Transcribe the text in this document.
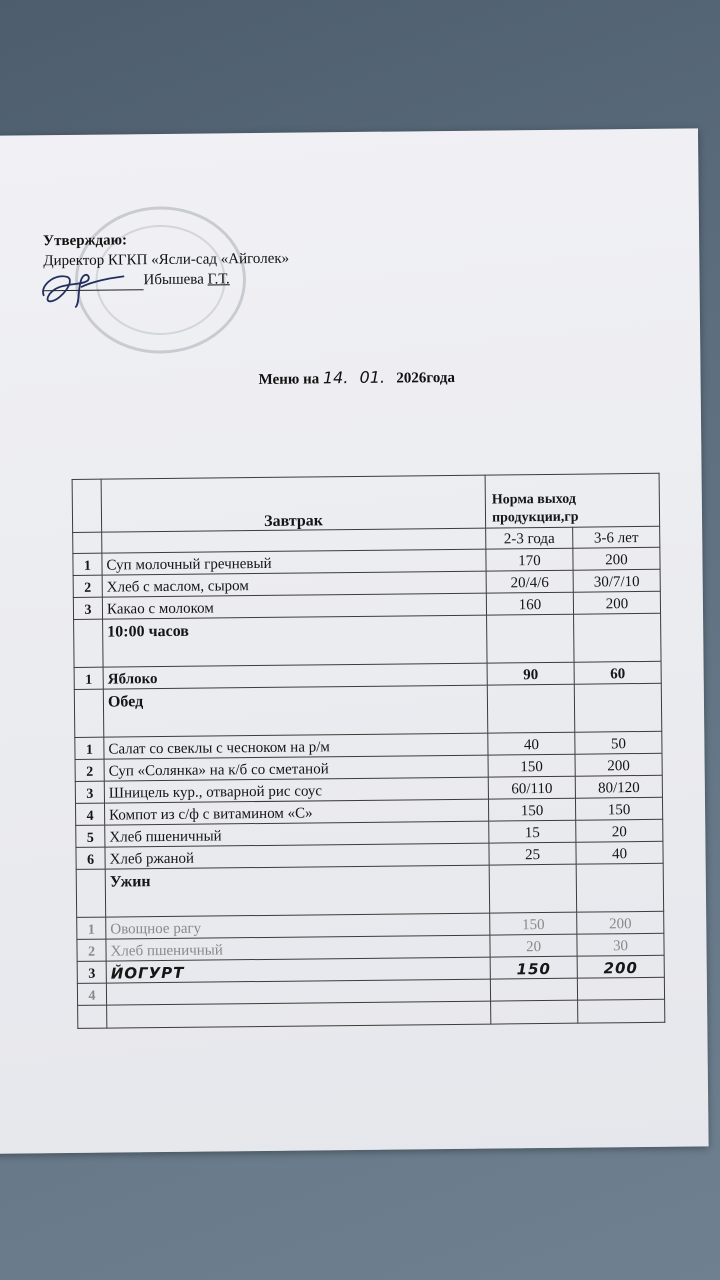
Утверждаю:
Директор КГКП «Ясли-сад «Айголек»
Ибышева Г.Т.
Меню на 14. 01. 2026года
	Завтрак	Норма выход продукции,гр	
		2-3 года	3-6 лет
1	Суп молочный гречневый	170	200
2	Хлеб с маслом, сыром	20/4/6	30/7/10
3	Какао с молоком	160	200
	10:00 часов		
1	Яблоко	90	60
	Обед		
1	Салат со свеклы с чесноком на р/м	40	50
2	Суп «Солянка» на к/б со сметаной	150	200
3	Шницель кур., отварной рис соус	60/110	80/120
4	Компот из с/ф с витамином «С»	150	150
5	Хлеб пшеничный	15	20
6	Хлеб ржаной	25	40
	Ужин		
1	Овощное рагу	150	200
2	Хлеб пшеничный	20	30
3	ЙОГУРТ	150	200
4			
